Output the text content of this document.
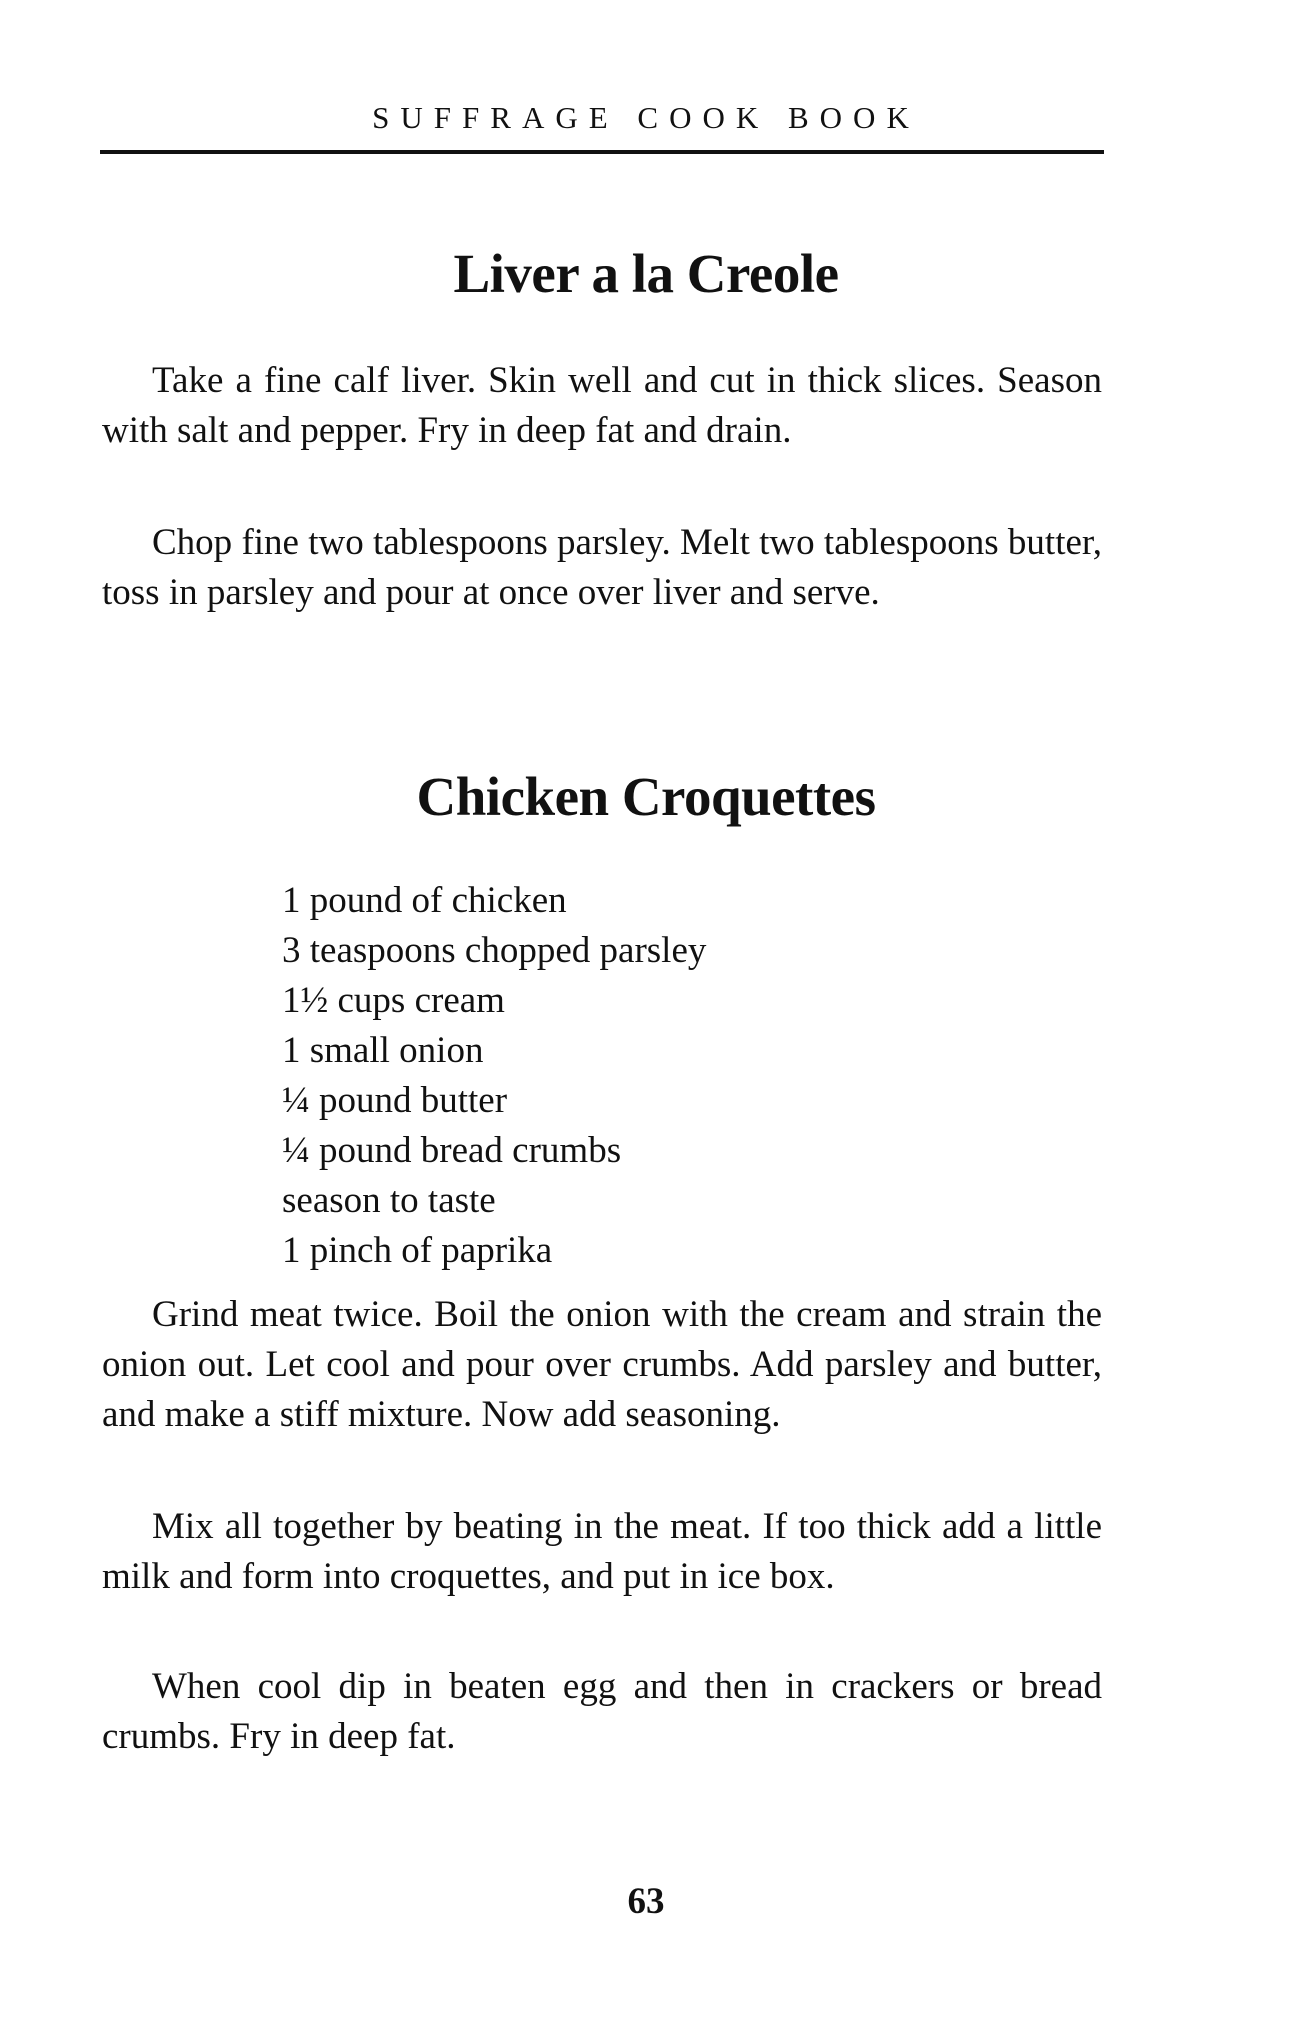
SUFFRAGE COOK BOOK
Liver a la Creole

Take a fine calf liver. Skin well and cut in thick slices. Season with salt and pepper. Fry in deep fat and drain.

Chop fine two tablespoons parsley. Melt two tablespoons butter, toss in parsley and pour at once over liver and serve.

Chicken Croquettes
1 pound of chicken
3 teaspoons chopped parsley
1½ cups cream
1 small onion
¼ pound butter
¼ pound bread crumbs
season to taste
1 pinch of paprika

Grind meat twice. Boil the onion with the cream and strain the onion out. Let cool and pour over crumbs. Add parsley and butter, and make a stiff mixture. Now add seasoning.

Mix all together by beating in the meat. If too thick add a little milk and form into croquettes, and put in ice box.

When cool dip in beaten egg and then in crackers or bread crumbs. Fry in deep fat.

63
